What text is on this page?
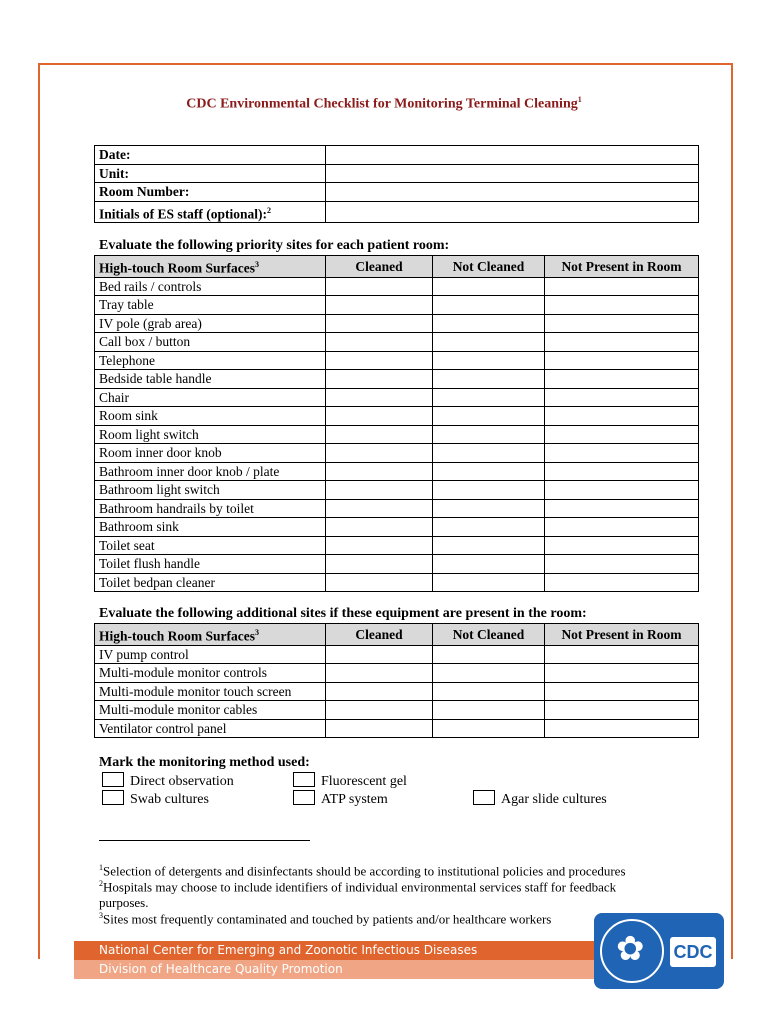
CDC Environmental Checklist for Monitoring Terminal Cleaning$^1$
Date:	
Unit:	
Room Number:	
Initials of ES staff (optional):$^2$	
Evaluate the following priority sites for each patient room:
High-touch Room Surfaces$^3$	Cleaned	Not Cleaned	Not Present in Room
Bed rails / controls			
Tray table			
IV pole (grab area)			
Call box / button			
Telephone			
Bedside table handle			
Chair			
Room sink			
Room light switch			
Room inner door knob			
Bathroom inner door knob / plate			
Bathroom light switch			
Bathroom handrails by toilet			
Bathroom sink			
Toilet seat			
Toilet flush handle			
Toilet bedpan cleaner			
Evaluate the following additional sites if these equipment are present in the room:
High-touch Room Surfaces$^3$	Cleaned	Not Cleaned	Not Present in Room
IV pump control			
Multi-module monitor controls			
Multi-module monitor touch screen			
Multi-module monitor cables			
Ventilator control panel			
Mark the monitoring method used:
Direct observation	Fluorescent gel
Swab cultures	ATP system	Agar slide cultures
$^1$Selection of detergents and disinfectants should be according to institutional policies and procedures
$^2$Hospitals may choose to include identifiers of individual environmental services staff for feedback purposes.
$^3$Sites most frequently contaminated and touched by patients and/or healthcare workers
National Center for Emerging and Zoonotic Infectious Diseases
Division of Healthcare Quality Promotion
✿ CDC
